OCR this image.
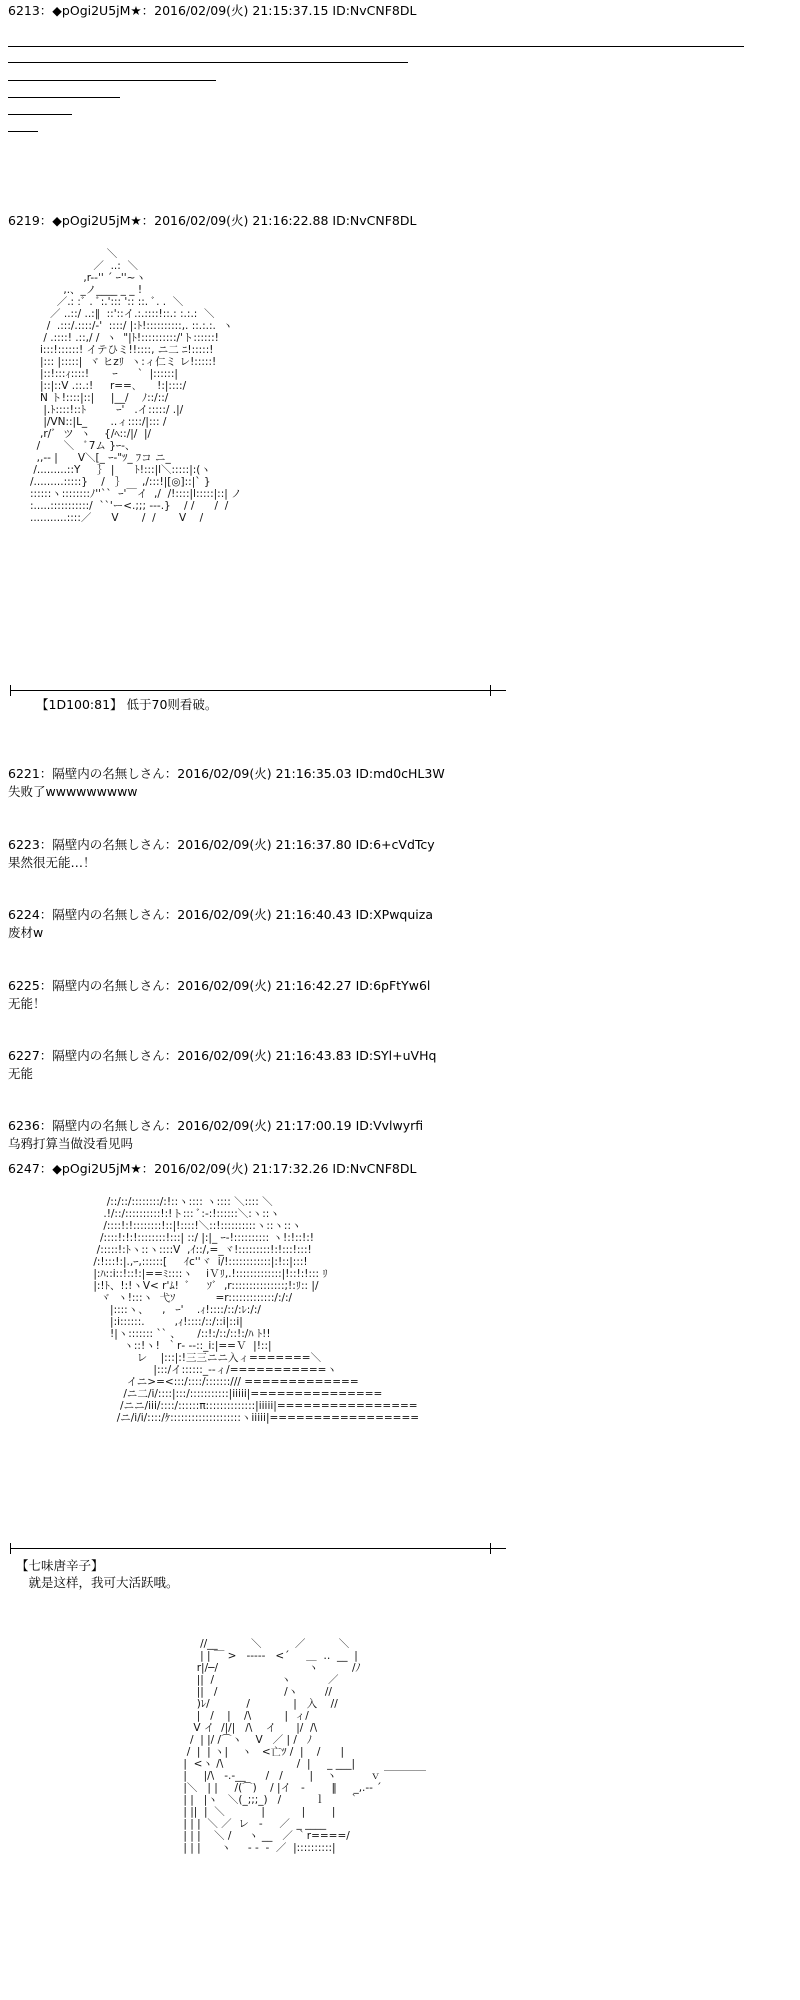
6213：◆pOgi2U5jM★：2016/02/09(火) 21:15:37.15 ID:NvCNF8DL
6219：◆pOgi2U5jM★：2016/02/09(火) 21:16:22.88 ID:NvCNF8DL
＼
／  ..:  ＼
,r--'' ´ ｰ''~ヽ
,.、_ノ____ _ _ !
／.: :ﾞ . ﾞ:.'::: ':: ::. ﾞ. .  ＼
／ ..::/ ..:∥  ::'::イ.:.::::!::.: :.:.:  ＼
/  .:::/.::::/‐'  ::::/ |:ﾄ!::::::::::,. ::.:.:.  ヽ
/ .::::! .::,/ /  ヽ  "|ﾄ!::::::::::/'ト::::::!
i:::!::::::! イテひミ!!::::, ニ二 ﾆ!:::::!
|::: |:::::|  ヾ ヒzﾘ  ヽ:ィ仁ミ レ!:::::!
|::!:::ｨ::::!       ｰ      `  |::::::|
|::|::V .::.:!     r==､      !:|::::/
N ト!::::|::|     |__/    ﾉ::/::/
|.ﾄ::::!::ﾄ         ｰ'   .イ:::::/ .|/
|/VN::|L_       ..ィ::::/|::: /
,r/ﾞ  ツ  ヽ    {/ﾍ::/|/  |/
/       ＼   ﾞ7ム }ｰ-、
,,-- |      V＼[_ ｰ-"ﾂ_ ﾌコ ニ_
/.........::Y     ｝ |      ﾄ!:::|l＼:::::|:(ヽ
/.........:::::}    /   ｝     ,/:::!|[◎]::|` }
::::::ヽ::::::::ﾉ''``  ｰ'￣イ  ,/  /!::::|l:::::|::| ノ
:.....:::::::::::/  ``'ー<.;;; ‐‐-.}    / /      /  /
...........::::／      V       /  /       V    /
【1D100:81】 低于70则看破。
6221：隔壁内の名無しさん：2016/02/09(火) 21:16:35.03 ID:md0cHL3W
失败了wwwwwwwww
6223：隔壁内の名無しさん：2016/02/09(火) 21:16:37.80 ID:6+cVdTcy
果然很无能…！
6224：隔壁内の名無しさん：2016/02/09(火) 21:16:40.43 ID:XPwquiza
废材w
6225：隔壁内の名無しさん：2016/02/09(火) 21:16:42.27 ID:6pFtYw6l
无能！
6227：隔壁内の名無しさん：2016/02/09(火) 21:16:43.83 ID:SYl+uVHq
无能
6236：隔壁内の名無しさん：2016/02/09(火) 21:17:00.19 ID:Vvlwyrfi
乌鸦打算当做没看见吗
6247：◆pOgi2U5jM★：2016/02/09(火) 21:17:32.26 ID:NvCNF8DL
/::/::/::::::::/:!::ヽ:::: ヽ:::: ＼:::: ＼
.!/::/::::::::::!:!ト::: ﾞ:-:!::::::＼:ヽ::ヽ
/::::!:!::::::::!::|!::::!＼::!::::::::::ヽ::ヽ::ヽ
/::::!:!:!::::::::!:::| ::/ |:|_ ｰ‐!:::::::::: ヽ!:!::!:!
/:::::!:ﾄヽ::ヽ::::V  ,ｲ::/,=_ヾ!:::::::::!:!:::!:::!
/:!:::!:|.,ｰ,::::::[     ｲc''ヾ  i/!::::::::::::|:!::|:::!
|:ﾊ::i::!::!:|==ﾐ::::ヽ    iＶﾘ,.!:::::::::::::|!::!:!::: ﾘ
|:!ﾄ、!:!ヽV< r'ﾑ!  ﾞ     ｿﾞ  ,r:::::::::::::::;!:ﾘ:: |/
ヾ  ヽ!:::ヽ  弋ｿ            =r:::::::::::::/:/:/
|::::ヽ、    ,   ｰ'    .ｨ!::::/::/:ﾚ:/:/
|:i::::::.         ,ｨ!::::/::/::i|::i|
!|ヽ::::::: `` 、     /::!:/::/::!:/ﾊ ﾄ!!
ヽ::!ヽ!  ｀r‐ ‐-::_i:|==Ｖ  |!::|
レ    |:::|:!三三ニニ入ィ=======＼
|:::/イ::::::_--ィ/===========ヽ
イニ>=<:::/::::/:::::::/// =============
/ニ二/i/::::|:::/:::::::::::|iiiii|===============
/ニニ/iii/::::/::::::π::::::::::::::|iiiii|================
/ニ/i/i/::::/ｹ::::::::::::::::::::ヽiiiii|=================
【七味唐辛子】
　就是这样，我可大活跃哦。
//__          ＼          ／          ＼
| | ￣ >   -‐‐‐‐   <´     ＿  ‥  __  |
r|/─/                           ヽ          /ﾉ
||  /                    ヽ           ／
||   /                    /ヽ        //
)ﾚ/           /             |   入    //
|   /    |    /\          |  ィ/
V イ  /|/|   /\    イ      |/  /\
/  | |/ /⌒ヽ    V   ／ | /   ﾉ
/  |  | ヽ|    ヽ   <亡ﾂ /  |    /      |
|  <ヽ /\                      /  |     _ ___|
|     |/\   -.-__      /   /        |    ヽ          ｖ ￣￣￣￣
|＼   | |     /(⌒)    / |イ   -        ‖     _,.-- ´
| |   |ヽ   ＼(_;;;_)   /          ｌ       ｀
| ||  |  ＼           |           |        |
| | |  ＼ ／  レ   ‐     ／  _ ____
| | |    ＼ /     ヽ __   ／ ｀r====/
| | |      ヽ     ‐ ‐  ‐  ／  |::::::::::|
